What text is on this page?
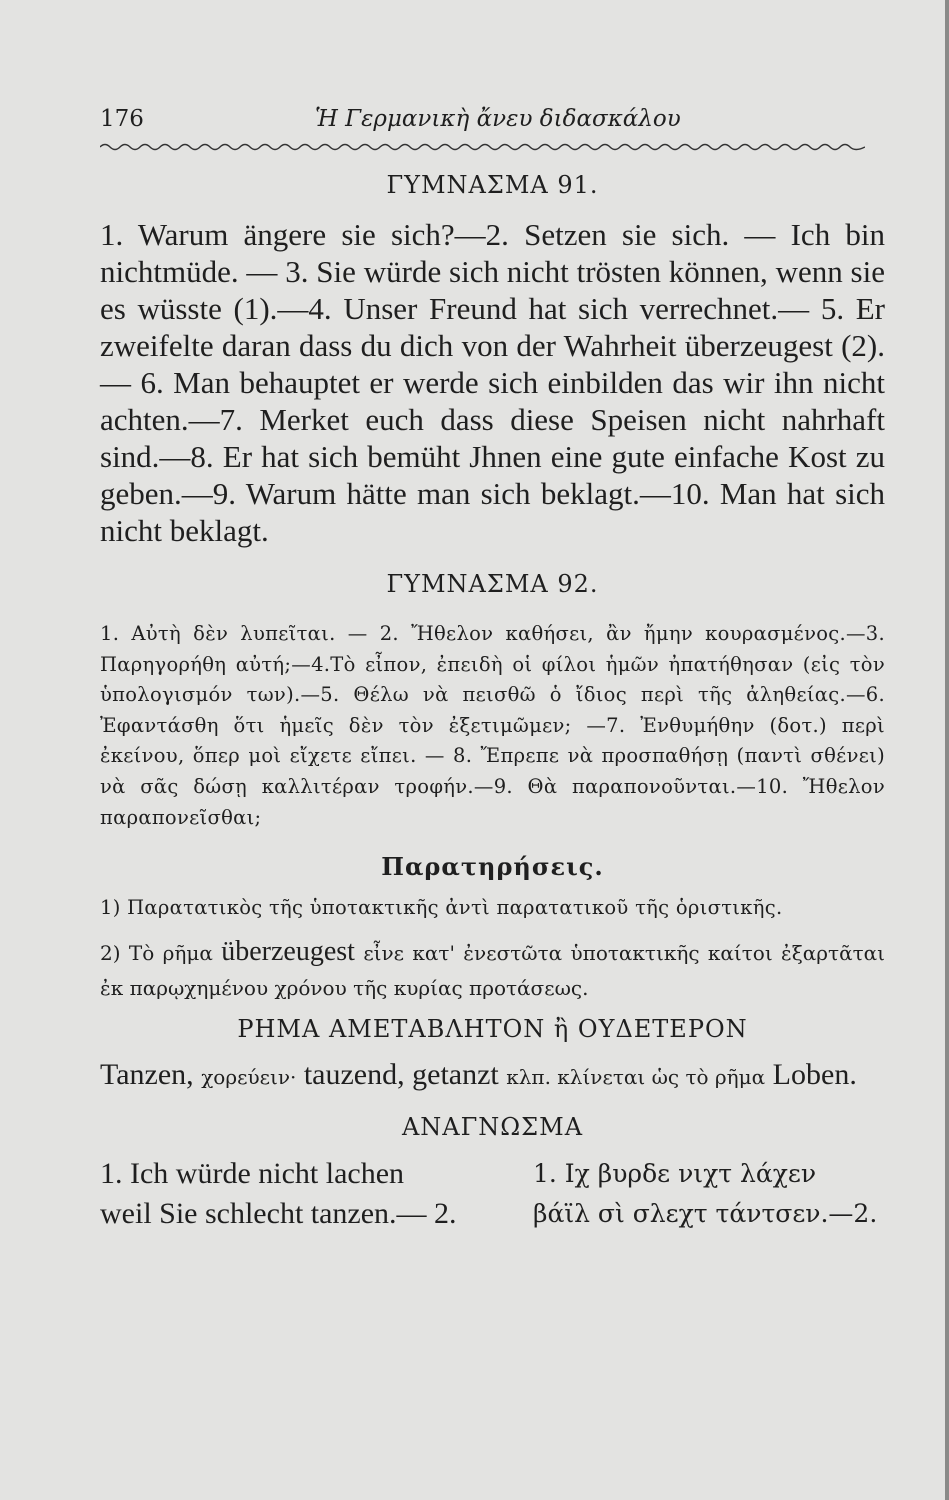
176	Ἡ Γερμανικὴ ἄνευ διδασκάλου
ΓΥΜΝΑΣΜΑ 91.

1. Warum ängere sie sich?—2. Setzen sie sich. — Ich bin nichtmüde. — 3. Sie würde sich nicht trösten können, wenn sie es wüsste (1).—4. Unser Freund hat sich verrechnet.— 5. Er zweifelte daran dass du dich von der Wahrheit überzeugest (2). — 6. Man behauptet er werde sich einbilden das wir ihn nicht achten.—7. Merket euch dass diese Speisen nicht nahrhaft sind.—8. Er hat sich bemüht Jhnen eine gute einfache Kost zu geben.—9. Warum hätte man sich beklagt.—10. Man hat sich nicht beklagt.

ΓΥΜΝΑΣΜΑ 92.

1. Αὐτὴ δὲν λυπεῖται. — 2. Ἤθελον καθήσει, ἂν ἤμην κουρασμένος.—3. Παρηγορήθη αὐτή;—4.Τὸ εἶπον, ἐπειδὴ οἱ φίλοι ἡμῶν ἠπατήθησαν (εἰς τὸν ὑπολογισμόν των).—5. Θέλω νὰ πεισθῶ ὁ ἴδιος περὶ τῆς ἀληθείας.—6. Ἐφαντάσθη ὅτι ἡμεῖς δὲν τὸν ἐξετιμῶμεν; —7. Ἐνθυμήθην (δοτ.) περὶ ἐκείνου, ὅπερ μοὶ εἴχετε εἴπει. — 8. Ἔπρεπε νὰ προσπαθήσῃ (παντὶ σθένει) νὰ σᾶς δώσῃ καλλιτέραν τροφήν.—9. Θὰ παραπονοῦνται.—10. Ἤθελον παραπονεῖσθαι;

Παρατηρήσεις.

1) Παρατατικὸς τῆς ὑποτακτικῆς ἀντὶ παρατατικοῦ τῆς ὁριστικῆς.

2) Τὸ ρῆμα überzeugest εἶνε κατ' ἐνεστῶτα ὑποτακτικῆς καίτοι ἐξαρτᾶται ἐκ παρῳχημένου χρόνου τῆς κυρίας προτάσεως.

ΡΗΜΑ ΑΜΕΤΑΒΛΗΤΟΝ ἢ ΟΥΔΕΤΕΡΟΝ

Tanzen, χορεύειν· tauzend, getanzt κλπ. κλίνεται ὡς τὸ ρῆμα Loben.

ΑΝΑΓΝΩΣΜΑ
1. Ich würde nicht lachen
weil Sie schlecht tanzen.— 2.
1. Ιχ βυρδε νιχτ λάχεν
βάϊλ σὶ σλεχτ τάντσεν.—2.
